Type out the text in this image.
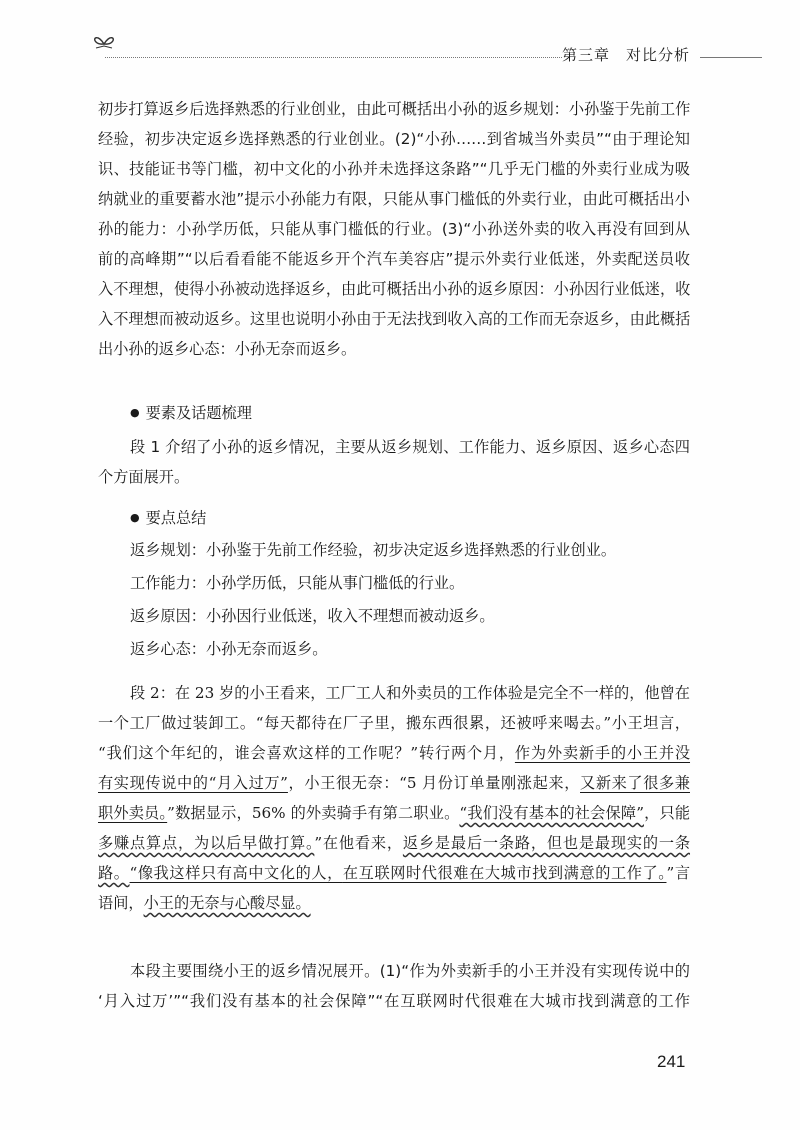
第三章 对比分析
初步打算返乡后选择熟悉的行业创业，由此可概括出小孙的返乡规划：小孙鉴于先前工作
经验，初步决定返乡选择熟悉的行业创业。(2)“小孙……到省城当外卖员”“由于理论知
识、技能证书等门槛，初中文化的小孙并未选择这条路”“几乎无门槛的外卖行业成为吸
纳就业的重要蓄水池”提示小孙能力有限，只能从事门槛低的外卖行业，由此可概括出小
孙的能力：小孙学历低，只能从事门槛低的行业。(3)“小孙送外卖的收入再没有回到从
前的高峰期”“以后看看能不能返乡开个汽车美容店”提示外卖行业低迷，外卖配送员收
入不理想，使得小孙被动选择返乡，由此可概括出小孙的返乡原因：小孙因行业低迷，收
入不理想而被动返乡。这里也说明小孙由于无法找到收入高的工作而无奈返乡，由此概括
出小孙的返乡心态：小孙无奈而返乡。
● 要素及话题梳理
段 1 介绍了小孙的返乡情况，主要从返乡规划、工作能力、返乡原因、返乡心态四
个方面展开。
● 要点总结
返乡规划：小孙鉴于先前工作经验，初步决定返乡选择熟悉的行业创业。
工作能力：小孙学历低，只能从事门槛低的行业。
返乡原因：小孙因行业低迷，收入不理想而被动返乡。
返乡心态：小孙无奈而返乡。
段 2：在 23 岁的小王看来，工厂工人和外卖员的工作体验是完全不一样的，他曾在
一个工厂做过装卸工。“每天都待在厂子里，搬东西很累，还被呼来喝去。”小王坦言，
“我们这个年纪的，谁会喜欢这样的工作呢？”转行两个月，作为外卖新手的小王并没
有实现传说中的“月入过万”，小王很无奈：“5 月份订单量刚涨起来，又新来了很多兼
职外卖员。”数据显示，56% 的外卖骑手有第二职业。“我们没有基本的社会保障”，只能
多赚点算点，为以后早做打算。”在他看来，返乡是最后一条路，但也是最现实的一条
路。“像我这样只有高中文化的人，在互联网时代很难在大城市找到满意的工作了。”言
语间，小王的无奈与心酸尽显。
本段主要围绕小王的返乡情况展开。(1)“作为外卖新手的小王并没有实现传说中的
‘月入过万’”“我们没有基本的社会保障”“在互联网时代很难在大城市找到满意的工作
241
